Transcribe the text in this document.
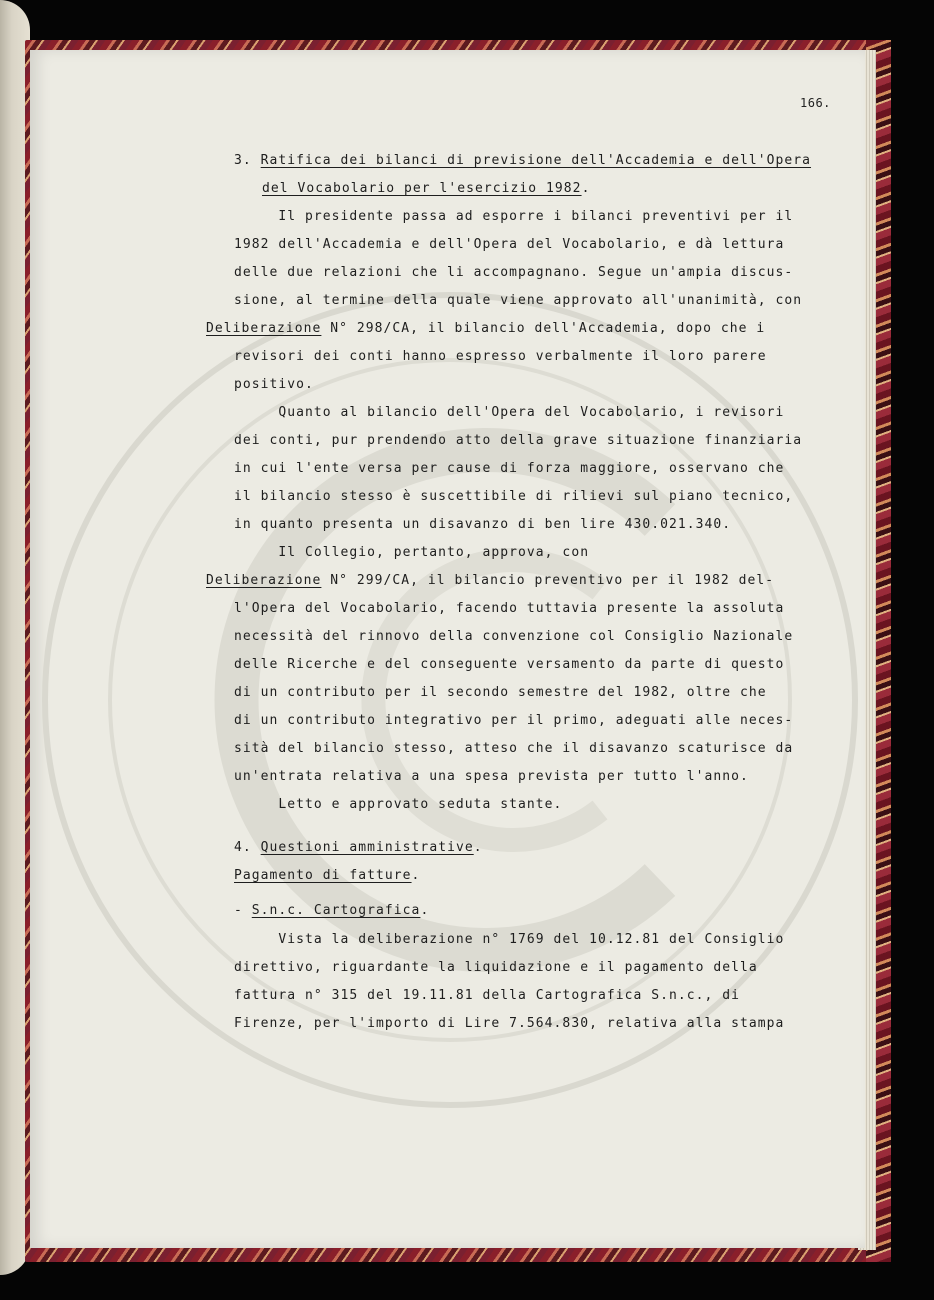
166.
3. Ratifica dei bilanci di previsione dell'Accademia e dell'Opera
del Vocabolario per l'esercizio 1982.
Il presidente passa ad esporre i bilanci preventivi per il
1982 dell'Accademia e dell'Opera del Vocabolario, e dà lettura
delle due relazioni che li accompagnano. Segue un'ampia discus-
sione, al termine della quale viene approvato all'unanimità, con
Deliberazione N° 298/CA, il bilancio dell'Accademia, dopo che i
revisori dei conti hanno espresso verbalmente il loro parere
positivo.
Quanto al bilancio dell'Opera del Vocabolario, i revisori
dei conti, pur prendendo atto della grave situazione finanziaria
in cui l'ente versa per cause di forza maggiore, osservano che
il bilancio stesso è suscettibile di rilievi sul piano tecnico,
in quanto presenta un disavanzo di ben lire 430.021.340.
Il Collegio, pertanto, approva, con
Deliberazione N° 299/CA, il bilancio preventivo per il 1982 del-
l'Opera del Vocabolario, facendo tuttavia presente la assoluta
necessità del rinnovo della convenzione col Consiglio Nazionale
delle Ricerche e del conseguente versamento da parte di questo
di un contributo per il secondo semestre del 1982, oltre che
di un contributo integrativo per il primo, adeguati alle neces-
sità del bilancio stesso, atteso che il disavanzo scaturisce da
un'entrata relativa a una spesa prevista per tutto l'anno.
Letto e approvato seduta stante.
4. Questioni amministrative.
Pagamento di fatture.
- S.n.c. Cartografica.
Vista la deliberazione n° 1769 del 10.12.81 del Consiglio
direttivo, riguardante la liquidazione e il pagamento della
fattura n° 315 del 19.11.81 della Cartografica S.n.c., di
Firenze, per l'importo di Lire 7.564.830, relativa alla stampa
